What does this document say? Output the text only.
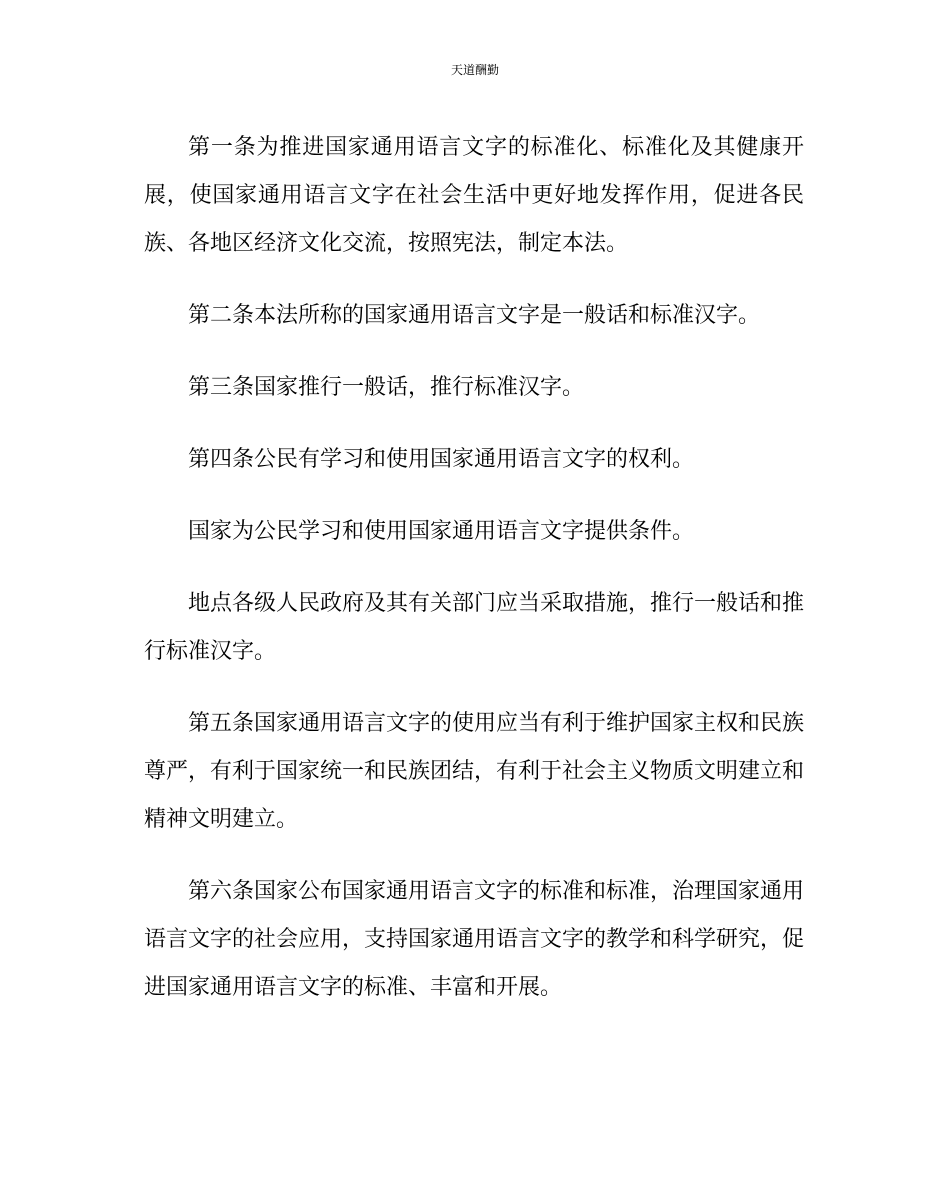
天道酬勤

第一条为推进国家通用语言文字的标准化、标准化及其健康开展，使国家通用语言文字在社会生活中更好地发挥作用，促进各民族、各地区经济文化交流，按照宪法，制定本法。

第二条本法所称的国家通用语言文字是一般话和标准汉字。

第三条国家推行一般话，推行标准汉字。

第四条公民有学习和使用国家通用语言文字的权利。

国家为公民学习和使用国家通用语言文字提供条件。

地点各级人民政府及其有关部门应当采取措施，推行一般话和推行标准汉字。

第五条国家通用语言文字的使用应当有利于维护国家主权和民族尊严，有利于国家统一和民族团结，有利于社会主义物质文明建立和精神文明建立。

第六条国家公布国家通用语言文字的标准和标准，治理国家通用语言文字的社会应用，支持国家通用语言文字的教学和科学研究，促进国家通用语言文字的标准、丰富和开展。
